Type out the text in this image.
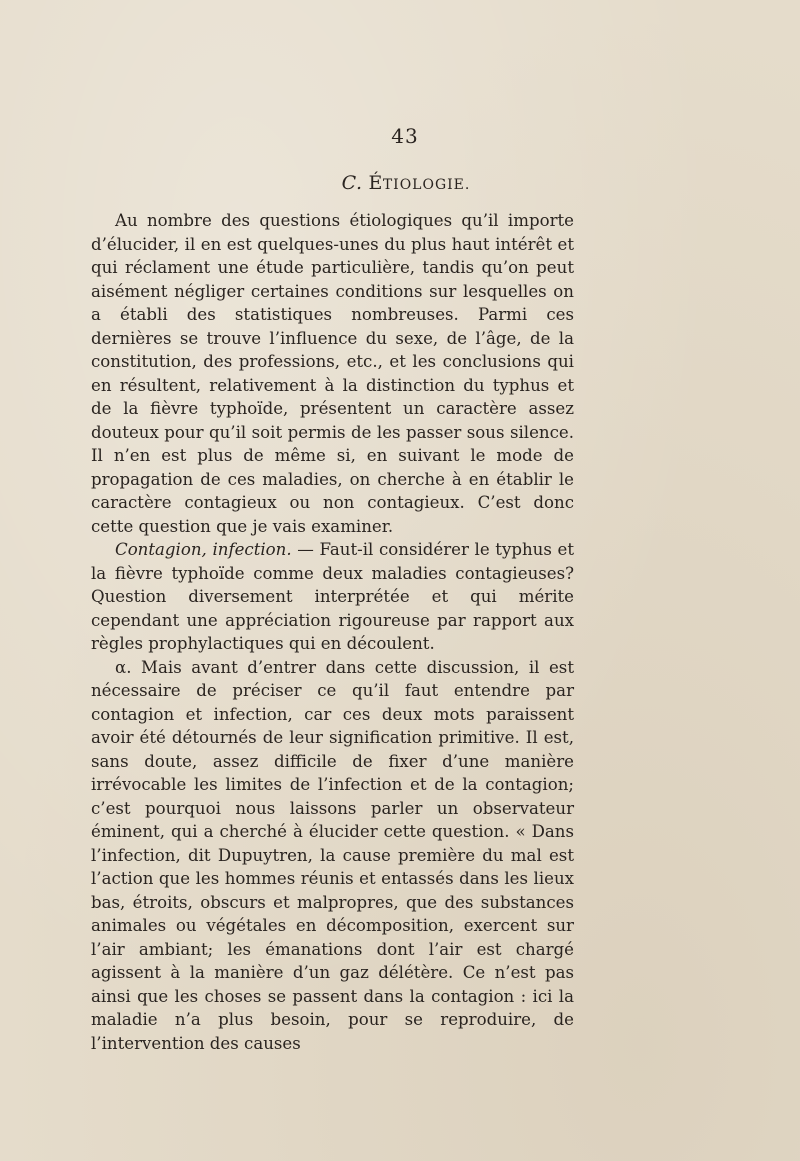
43
C. ÉTIOLOGIE.

Au nombre des questions étiologiques qu’il importe d’élucider, il en est quelques-unes du plus haut intérêt et qui réclament une étude particulière, tandis qu’on peut aisément négliger certaines conditions sur lesquelles on a établi des statistiques nombreuses. Parmi ces dernières se trouve l’influence du sexe, de l’âge, de la constitution, des professions, etc., et les conclusions qui en résultent, relativement à la distinction du typhus et de la fièvre typhoïde, présentent un caractère assez douteux pour qu’il soit permis de les passer sous silence. Il n’en est plus de même si, en suivant le mode de propagation de ces maladies, on cherche à en établir le caractère contagieux ou non contagieux. C’est donc cette question que je vais examiner.

Contagion, infection. — Faut-il considérer le typhus et la fièvre typhoïde comme deux maladies contagieuses? Question diversement interprétée et qui mérite cependant une appréciation rigoureuse par rapport aux règles prophylactiques qui en découlent.

α. Mais avant d’entrer dans cette discussion, il est nécessaire de préciser ce qu’il faut entendre par contagion et infection, car ces deux mots paraissent avoir été détournés de leur signification primitive. Il est, sans doute, assez difficile de fixer d’une manière irrévocable les limites de l’infection et de la contagion; c’est pourquoi nous laissons parler un observateur éminent, qui a cherché à élucider cette question. « Dans l’infection, dit Dupuytren, la cause première du mal est l’action que les hommes réunis et entassés dans les lieux bas, étroits, obscurs et malpropres, que des substances animales ou végétales en décomposition, exercent sur l’air ambiant; les émanations dont l’air est chargé agissent à la manière d’un gaz délétère. Ce n’est pas ainsi que les choses se passent dans la contagion : ici la maladie n’a plus besoin, pour se reproduire, de l’intervention des causes
